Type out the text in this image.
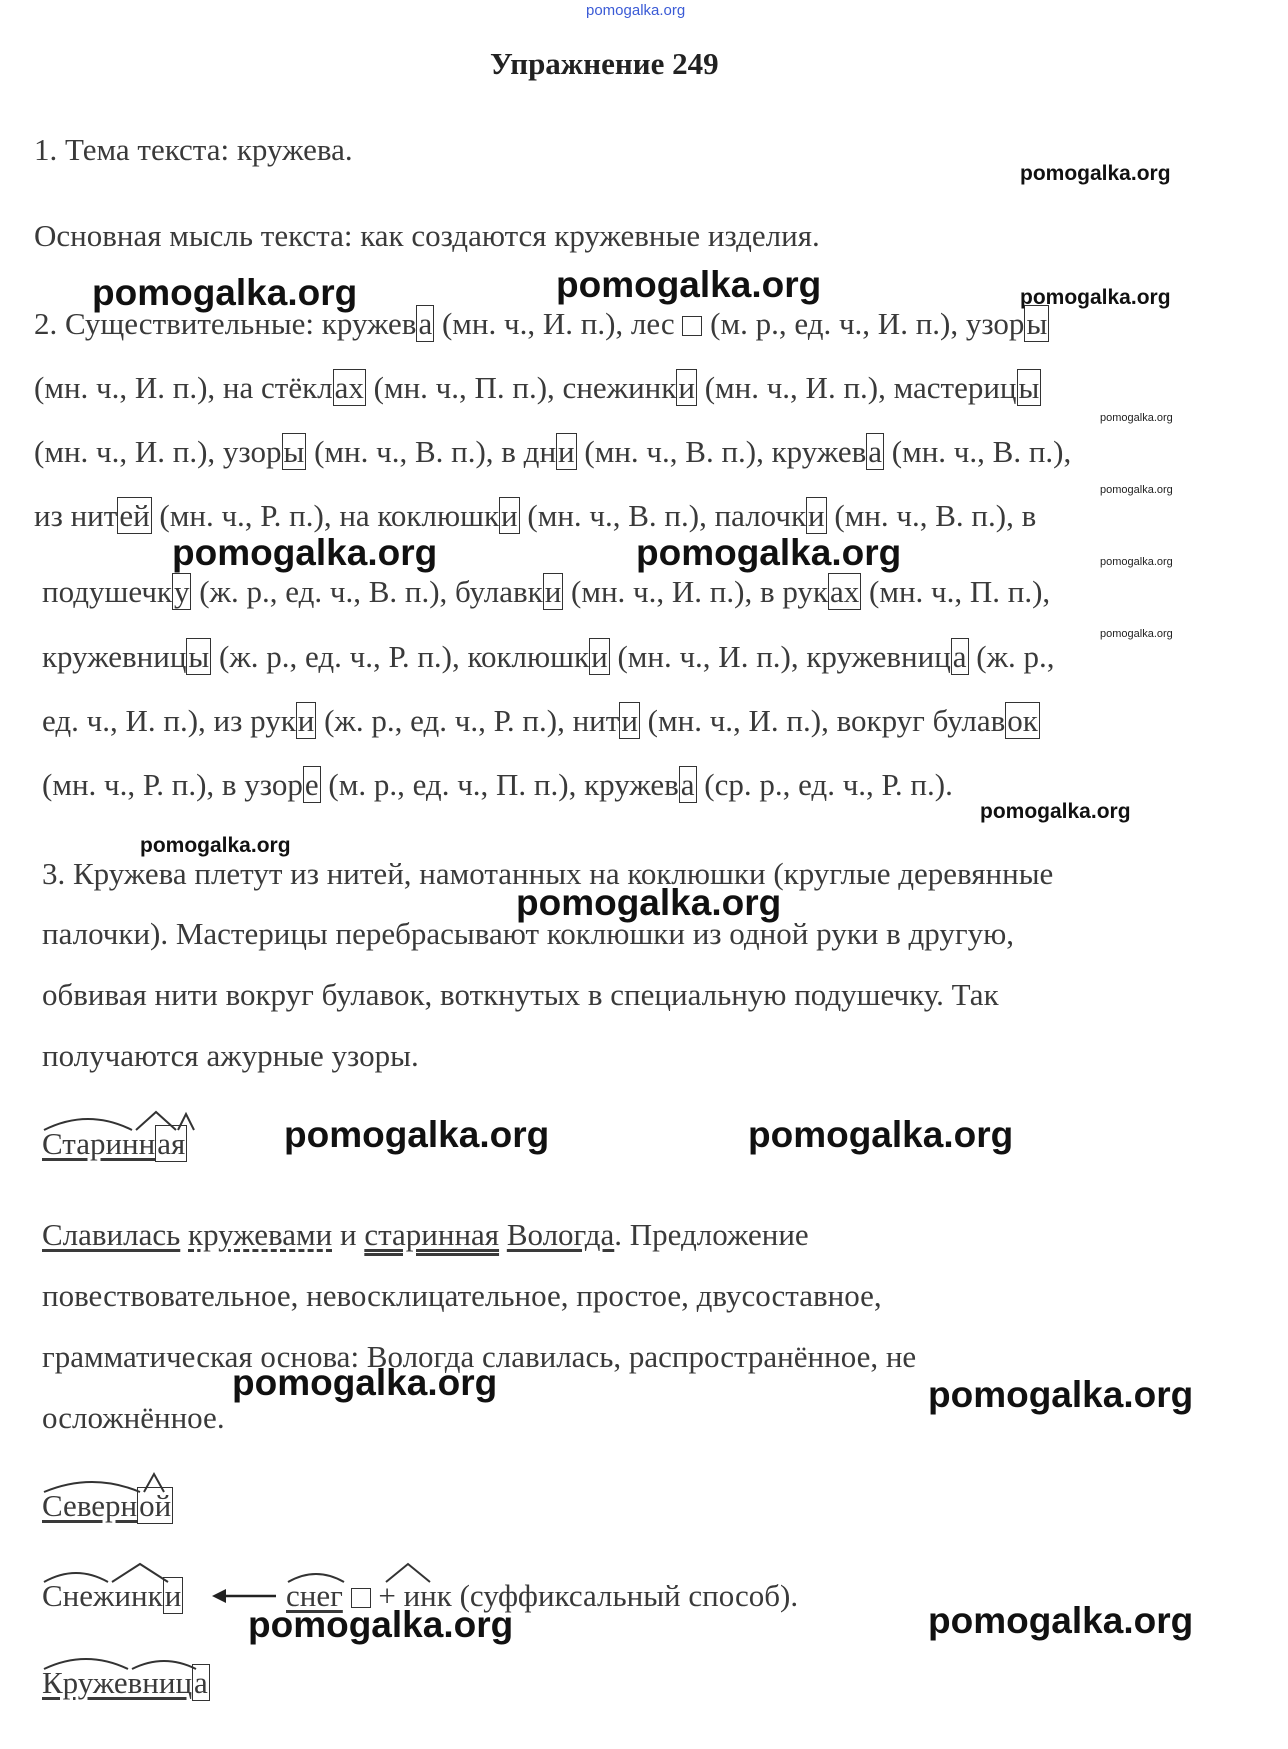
pomogalka.org
Упражнение 249
1. Тема текста: кружева.
Основная мысль текста: как создаются кружевные изделия.
2. Существительные: кружева (мн. ч., И. п.), лес  (м. р., ед. ч., И. п.), узоры
(мн. ч., И. п.), на стёклах (мн. ч., П. п.), снежинки (мн. ч., И. п.), мастерицы
(мн. ч., И. п.), узоры (мн. ч., В. п.), в дни (мн. ч., В. п.), кружева (мн. ч., В. п.),
из нитей (мн. ч., Р. п.), на коклюшки (мн. ч., В. п.), палочки (мн. ч., В. п.), в
подушечку (ж. р., ед. ч., В. п.), булавки (мн. ч., И. п.), в руках (мн. ч., П. п.),
кружевницы (ж. р., ед. ч., Р. п.), коклюшки (мн. ч., И. п.), кружевница (ж. р.,
ед. ч., И. п.), из руки (ж. р., ед. ч., Р. п.), нити (мн. ч., И. п.), вокруг булавок
(мн. ч., Р. п.), в узоре (м. р., ед. ч., П. п.), кружева (ср. р., ед. ч., Р. п.).
3. Кружева плетут из нитей, намотанных на коклюшки (круглые деревянные
палочки). Мастерицы перебрасывают коклюшки из одной руки в другую,
обвивая нити вокруг булавок, воткнутых в специальную подушечку. Так
получаются ажурные узоры.
Старинная
Славилась кружевами и старинная Вологда. Предложение
повествовательное, невосклицательное, простое, двусоставное,
грамматическая основа: Вологда славилась, распространённое, не
осложнённое.
Северной
Снежинки	снег  + инк (суффиксальный способ).
Кружевница
pomogalka.org	pomogalka.org
pomogalka.org	pomogalka.org
pomogalka.org
pomogalka.org	pomogalka.org
pomogalka.org	pomogalka.org
pomogalka.org	pomogalka.org
pomogalka.org
pomogalka.org
pomogalka.org
pomogalka.org
pomogalka.org
pomogalka.org
pomogalka.org
pomogalka.org
